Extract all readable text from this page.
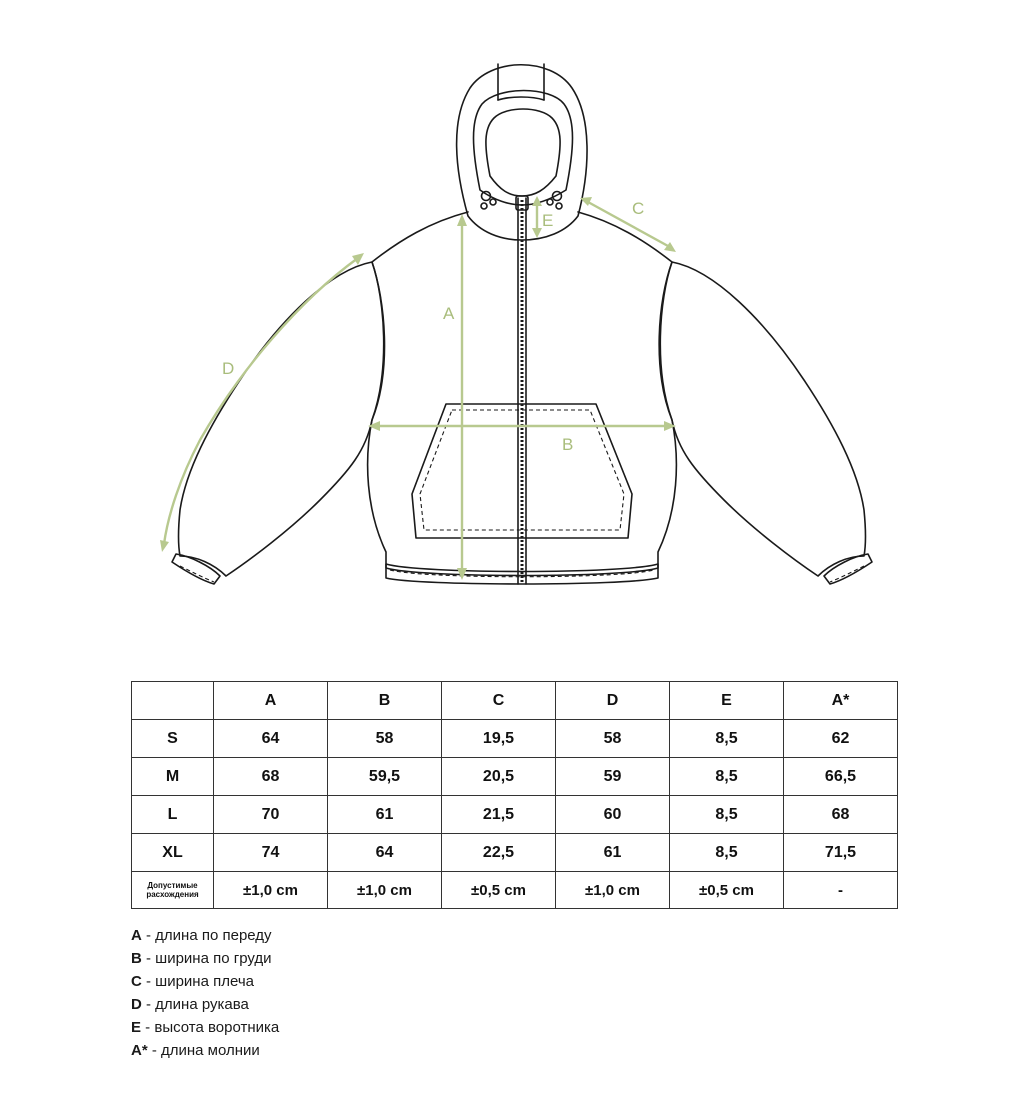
A
B
C
D
E
	A	B	C	D	E	A*
S	64	58	19,5	58	8,5	62
M	68	59,5	20,5	59	8,5	66,5
L	70	61	21,5	60	8,5	68
XL	74	64	22,5	61	8,5	71,5

Допустимые
расхождения	±1,0 cm	±1,0 cm	±0,5 cm	±1,0 cm	±0,5 cm	-
A - длина по переду
B - ширина по груди
C - ширина плеча
D - длина рукава
E - высота воротника
A* - длина молнии
